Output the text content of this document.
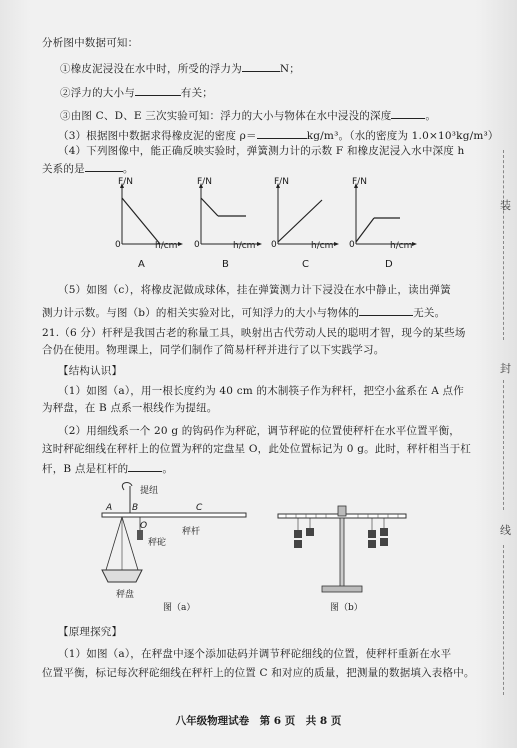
分析图中数据可知：
①橡皮泥浸没在水中时，所受的浮力为	N；
②浮力的大小与	有关；
③由图 C、D、E 三次实验可知：浮力的大小与物体在水中浸没的深度	。
（3）根据图中数据求得橡皮泥的密度 ρ＝	kg/m³。（水的密度为 1.0×10³kg/m³）
（4）下列图像中，能正确反映实验时，弹簧测力计的示数 F 和橡皮泥浸入水中深度 h
关系的是	。
F/N	F/N	F/N	F/N
0	0	0	0
h/cm	h/cm	h/cm	h/cm
A	B	C	D
（5）如图（c），将橡皮泥做成球体，挂在弹簧测力计下浸没在水中静止，读出弹簧
测力计示数。与图（b）的相关实验对比，可知浮力的大小与物体的	无关。
21.（6 分）杆秤是我国古老的称量工具，映射出古代劳动人民的聪明才智，现今的某些场
合仍在使用。物理课上，同学们制作了简易杆秤并进行了以下实践学习。
【结构认识】
（1）如图（a），用一根长度约为 40 cm 的木制筷子作为秤杆，把空小盆系在 A 点作
为秤盘，在 B 点系一根线作为提纽。
（2）用细线系一个 20 g 的钩码作为秤砣，调节秤砣的位置使秤杆在水平位置平衡，
这时秤砣细线在秤杆上的位置为秤的定盘星 O，此处位置标记为 0 g。此时，秤杆相当于杠
杆，B 点是杠杆的	。
提纽
A B
O
C
秤砣
秤杆
秤盘
图（a）	图（b）
【原理探究】
（1）如图（a），在秤盘中逐个添加砝码并调节秤砣细线的位置，使秤杆重新在水平
位置平衡，标记每次秤砣细线在秤杆上的位置 C 和对应的质量，把测量的数据填入表格中。
装
封
线
八年级物理试卷　第 6 页　共 8 页
